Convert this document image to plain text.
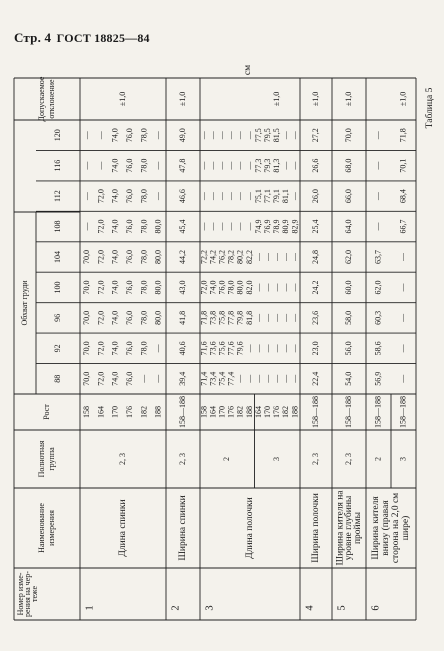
Стр. 4 ГОСТ 18825—84
Номер изме-
рения на чер-
теже
Наименование измерения
Полнотная группа
Рост
Обхват груди
Допускаемое отклонение
88
92
96
100
104
108
112
116
120
Таблица 5
см
1
Длина спинки
2, 3
±1,0
158
70,0
70,0
70,0
70,0
70,0
—
—
—
—
164
72,0
72,0
72,0
72,0
72,0
72,0
72,0
—
—
170
74,0
74,0
74,0
74,0
74,0
74,0
74,0
74,0
74,0
176
76,0
76,0
76,0
76,0
76,0
76,0
76,0
76,0
76,0
182
—
78,0
78,0
78,0
78,0
78,0
78,0
78,0
78,0
188
—
—
80,0
80,0
80,0
80,0
—
—
—
2
Ширина спинки
2, 3
±1,0
158—188
39,4
40,6
41,8
43,0
44,2
45,4
46,6
47,8
49,0
3
Длина полочки
2
158
71,4
71,6
71,8
72,0
72,2
—
—
—
—
164
73,4
73,6
73,8
74,0
74,2
—
—
—
—
170
75,4
75,6
75,8
76,0
76,2
—
—
—
—
176
77,4
77,6
77,8
78,0
78,2
—
—
—
—
182
—
79,6
79,8
80,0
80,2
—
—
—
—
188
—
—
81,8
82,0
82,2
—
—
—
—
3
±1,0
164
—
—
—
—
—
74,9
75,1
77,3
77,5
170
—
—
—
—
—
76,9
77,1
79,3
79,5
176
—
—
—
—
—
78,9
79,1
81,3
81,5
182
—
—
—
—
—
80,9
81,1
—
—
188
—
—
—
—
—
82,9
—
—
—
4
Ширина полочки
2, 3
±1,0
158—188
22,4
23,0
23,6
24,2
24,8
25,4
26,0
26,6
27,2
5
Ширина кителя на
уровне глубины
проймы
2, 3
±1,0
158—188
54,0
56,0
58,0
60,0
62,0
64,0
66,0
68,0
70,0
6
Ширина кителя внизу (правая сторона на 2,0 см шире)
2
158—188
56,9
58,6
60,3
62,0
63,7
—
—
—
—
3
±1,0
158—188
—
—
—
—
—
66,7
68,4
70,1
71,8
